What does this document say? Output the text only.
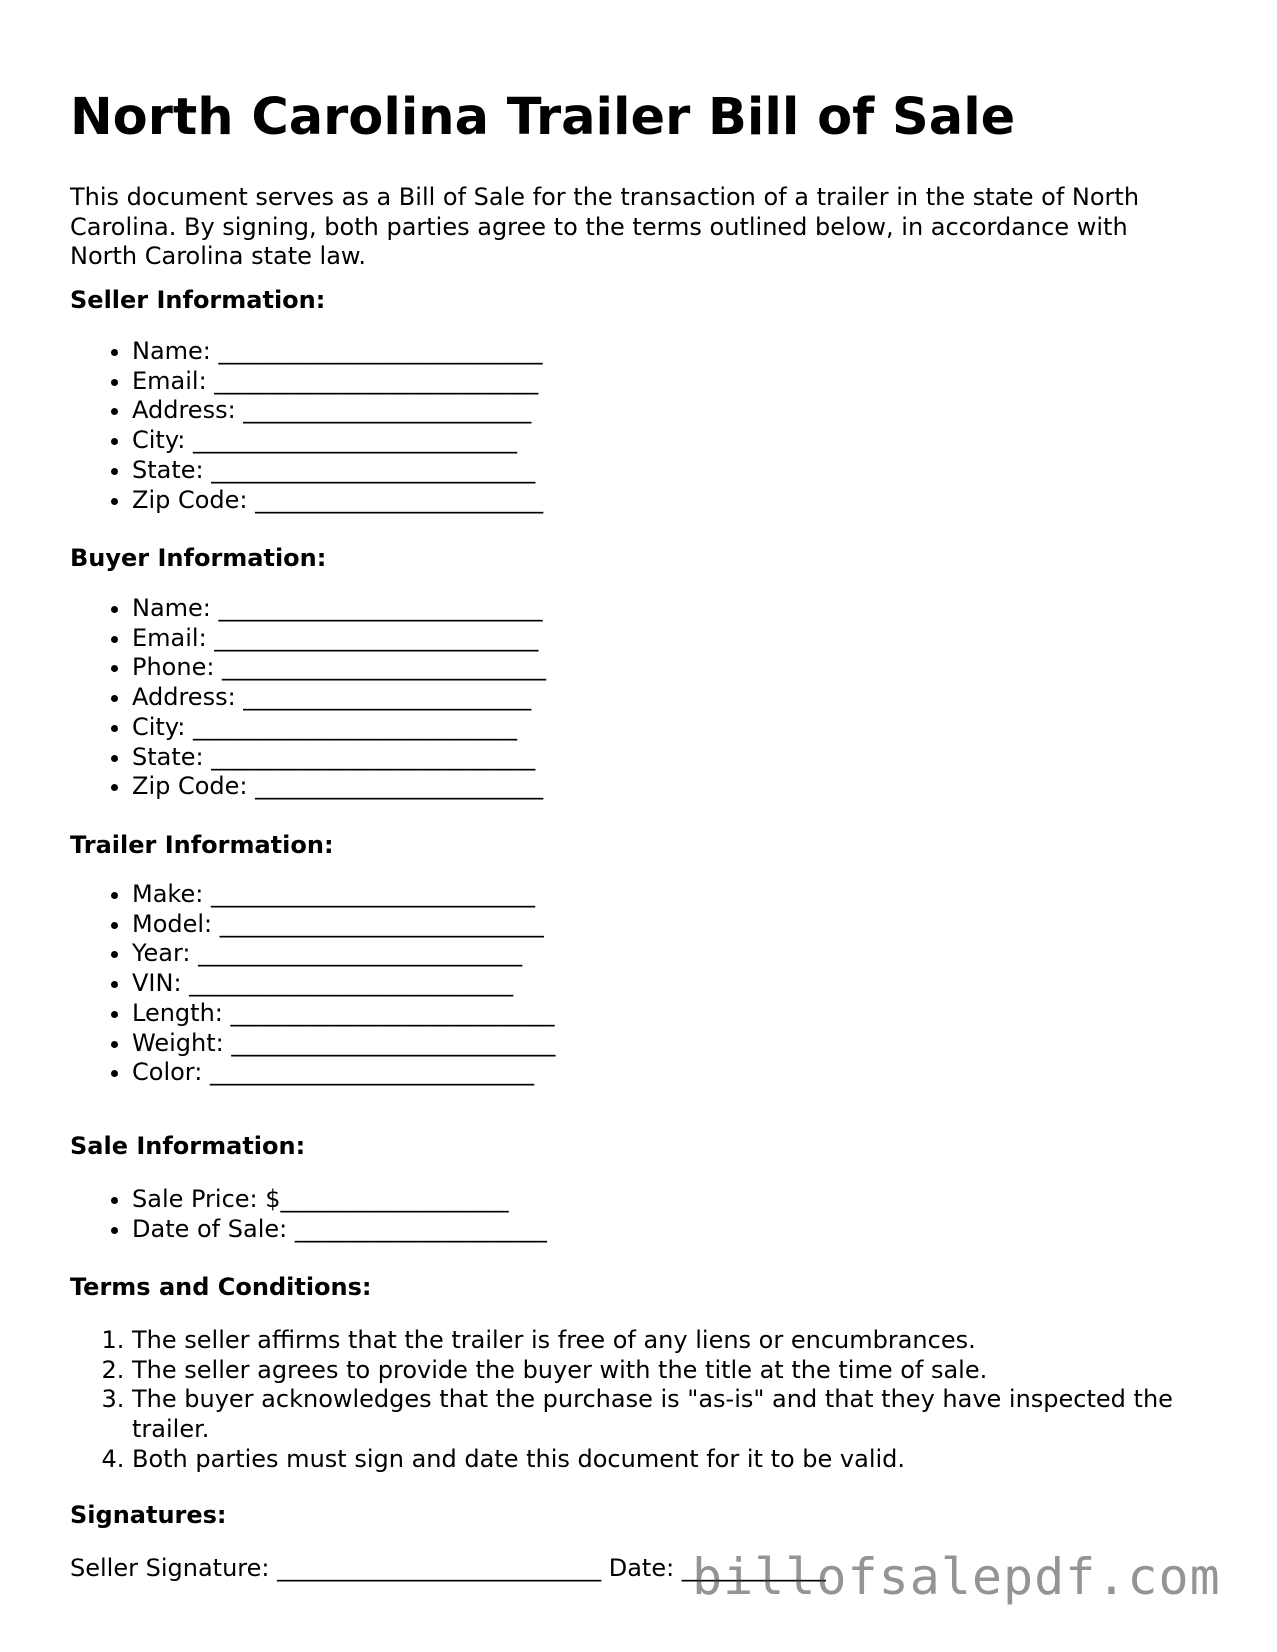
North Carolina Trailer Bill of Sale

This document serves as a Bill of Sale for the transaction of a trailer in the state of North Carolina. By signing, both parties agree to the terms outlined below, in accordance with North Carolina state law.

Seller Information:
• Name: ___________________________
• Email: ___________________________
• Address: ________________________
• City: ___________________________
• State: ___________________________
• Zip Code: ________________________
Buyer Information:
• Name: ___________________________
• Email: ___________________________
• Phone: ___________________________
• Address: ________________________
• City: ___________________________
• State: ___________________________
• Zip Code: ________________________
Trailer Information:
• Make: ___________________________
• Model: ___________________________
• Year: ___________________________
• VIN: ___________________________
• Length: ___________________________
• Weight: ___________________________
• Color: ___________________________
Sale Information:
• Sale Price: $___________________
• Date of Sale: _____________________
Terms and Conditions:
1. The seller affirms that the trailer is free of any liens or encumbrances.
2. The seller agrees to provide the buyer with the title at the time of sale.
3. The buyer acknowledges that the purchase is "as-is" and that they have inspected the trailer.
4. Both parties must sign and date this document for it to be valid.
Signatures:

Seller Signature: ___________________________ Date: ____________

billofsalepdf.com
